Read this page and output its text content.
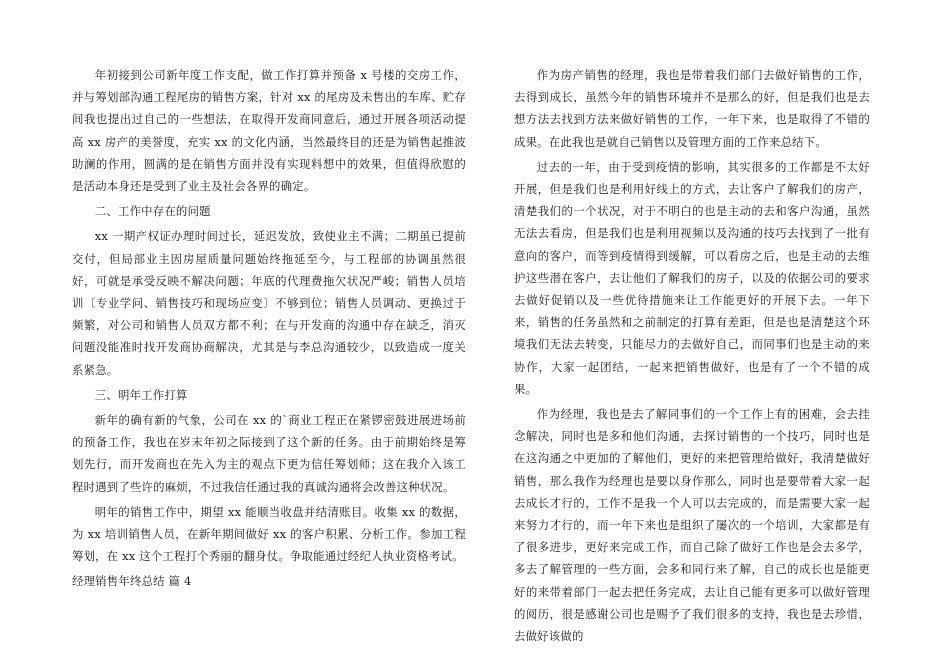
年初接到公司新年度工作支配，做工作打算并预备 x 号楼的交房工作，并与筹划部沟通工程尾房的销售方案，针对 xx 的尾房及未售出的车库、贮存间我也提出过自己的一些想法，在取得开发商同意后，通过开展各项活动提高 xx 房产的美誉度，充实 xx 的文化内涵，当然最终目的还是为销售起推波助澜的作用，圆满的是在销售方面并没有实现料想中的效果，但值得欣慰的是活动本身还是受到了业主及社会各界的确定。

二、工作中存在的问题

xx 一期产权证办理时间过长，延迟发放，致使业主不满；二期虽已提前交付，但局部业主因房屋质量问题始终拖延至今，与工程部的协调虽然很好，可就是承受反映不解决问题；年底的代理费拖欠状况严峻；销售人员培训〔专业学问、销售技巧和现场应变〕不够到位；销售人员调动、更换过于频繁，对公司和销售人员双方都不利；在与开发商的沟通中存在缺乏，消灭问题没能准时找开发商协商解决，尤其是与李总沟通较少，以致造成一度关系紧急。

三、明年工作打算

新年的确有新的气象，公司在 xx 的`商业工程正在紧锣密鼓进展进场前的预备工作，我也在岁末年初之际接到了这个新的任务。由于前期始终是筹划先行，而开发商也在先入为主的观点下更为信任筹划师；这在我介入该工程时遇到了些许的麻烦，不过我信任通过我的真诚沟通将会改善这种状况。

明年的销售工作中，期望 xx 能顺当收盘并结清账目。收集 xx 的数据，为 xx 培训销售人员，在新年期间做好 xx 的客户积累、分析工作。参加工程筹划，在 xx 这个工程打个秀丽的翻身仗。争取能通过经纪人执业资格考试。

经理销售年终总结 篇 4

作为房产销售的经理，我也是带着我们部门去做好销售的工作，去得到成长，虽然今年的销售环境并不是那么的好，但是我们也是去想方法去找到方法来做好销售的工作，一年下来，也是取得了不错的成果。在此我也是就自己销售以及管理方面的工作来总结下。

过去的一年，由于受到疫情的影响，其实很多的工作都是不太好开展，但是我们也是利用好线上的方式，去让客户了解我们的房产，清楚我们的一个状况，对于不明白的也是主动的去和客户沟通，虽然无法去看房，但是我们也是利用视频以及沟通的技巧去找到了一批有意向的客户，而等到疫情得到缓解，可以看房之后，也是主动的去维护这些潜在客户，去让他们了解我们的房子，以及的依据公司的要求去做好促销以及一些优待措施来让工作能更好的开展下去。一年下来，销售的任务虽然和之前制定的打算有差距，但是也是清楚这个环境我们无法去转变，只能尽力的去做好自己，而同事们也是主动的来协作，大家一起团结，一起来把销售做好，也是有了一个不错的成果。

作为经理，我也是去了解同事们的一个工作上有的困难，会去挂念解决，同时也是多和他们沟通，去探讨销售的一个技巧，同时也是在这沟通之中更加的了解他们，更好的来把管理给做好，我清楚做好销售，那么我作为经理也是要以身作那么，同时也是要带着大家一起去成长才行的，工作不是我一个人可以去完成的，而是需要大家一起来努力才行的，而一年下来也是组织了屡次的一个培训，大家都是有了很多进步，更好来完成工作，而自己除了做好工作也是会去多学，多去了解管理的一些方面，会多和同行来了解，自己的成长也是能更好的来带着部门一起去把任务完成，去让自己能有更多可以做好管理的阅历，很是感谢公司也是赐予了我们很多的支持，我也是去珍惜，去做好该做的
